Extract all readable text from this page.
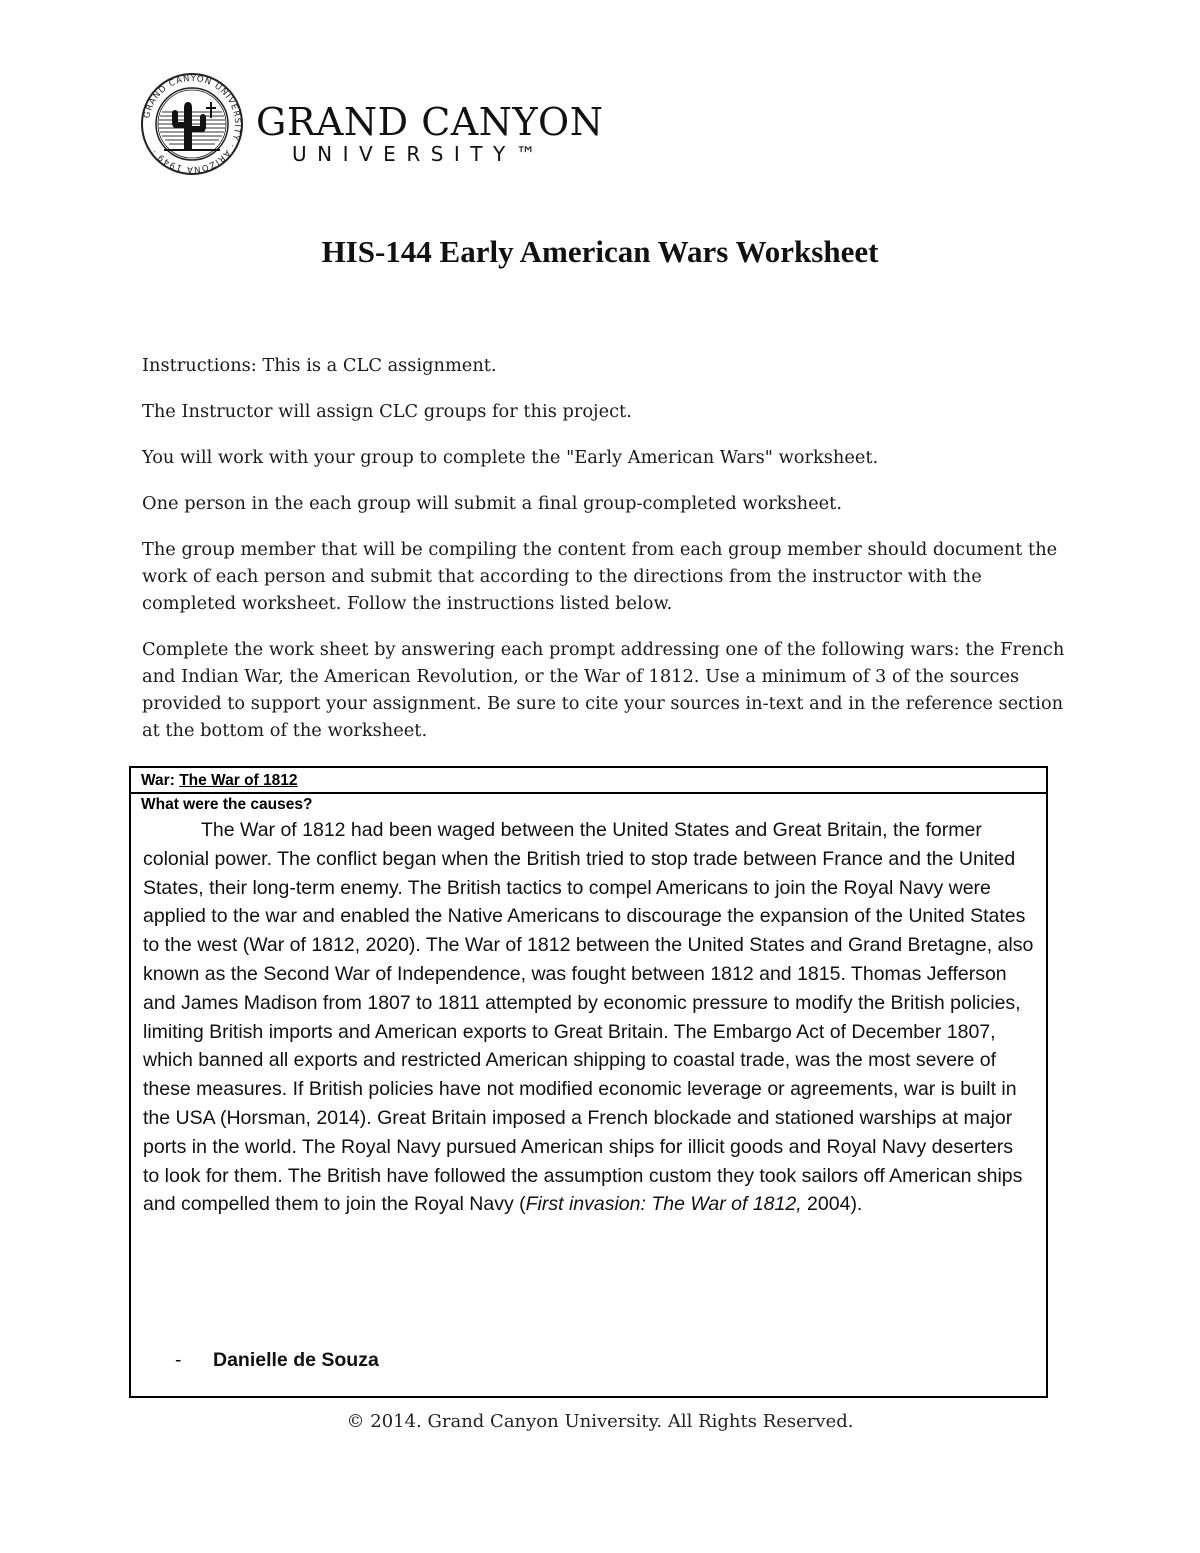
GRAND CANYON UNIVERSITY · ARIZONA 1949 ·
GRAND CANYON
UNIVERSITY™
HIS-144 Early American Wars Worksheet

Instructions: This is a CLC assignment.

The Instructor will assign CLC groups for this project.

You will work with your group to complete the "Early American Wars" worksheet.

One person in the each group will submit a final group-completed worksheet.

The group member that will be compiling the content from each group member should document the work of each person and submit that according to the directions from the instructor with the completed worksheet. Follow the instructions listed below.

Complete the work sheet by answering each prompt addressing one of the following wars: the French and Indian War, the American Revolution, or the War of 1812. Use a minimum of 3 of the sources provided to support your assignment. Be sure to cite your sources in-text and in the reference section at the bottom of the worksheet.

War: The War of 1812
What were the causes?

The War of 1812 had been waged between the United States and Great Britain, the former colonial power. The conflict began when the British tried to stop trade between France and the United States, their long-term enemy. The British tactics to compel Americans to join the Royal Navy were applied to the war and enabled the Native Americans to discourage the expansion of the United States to the west (War of 1812, 2020). The War of 1812 between the United States and Grand Bretagne, also known as the Second War of Independence, was fought between 1812 and 1815. Thomas Jefferson and James Madison from 1807 to 1811 attempted by economic pressure to modify the British policies, limiting British imports and American exports to Great Britain. The Embargo Act of December 1807, which banned all exports and restricted American shipping to coastal trade, was the most severe of these measures. If British policies have not modified economic leverage or agreements, war is built in the USA (Horsman, 2014). Great Britain imposed a French blockade and stationed warships at major ports in the world. The Royal Navy pursued American ships for illicit goods and Royal Navy deserters to look for them. The British have followed the assumption custom they took sailors off American ships and compelled them to join the Royal Navy (First invasion: The War of 1812, 2004).

- Danielle de Souza
© 2014. Grand Canyon University. All Rights Reserved.
